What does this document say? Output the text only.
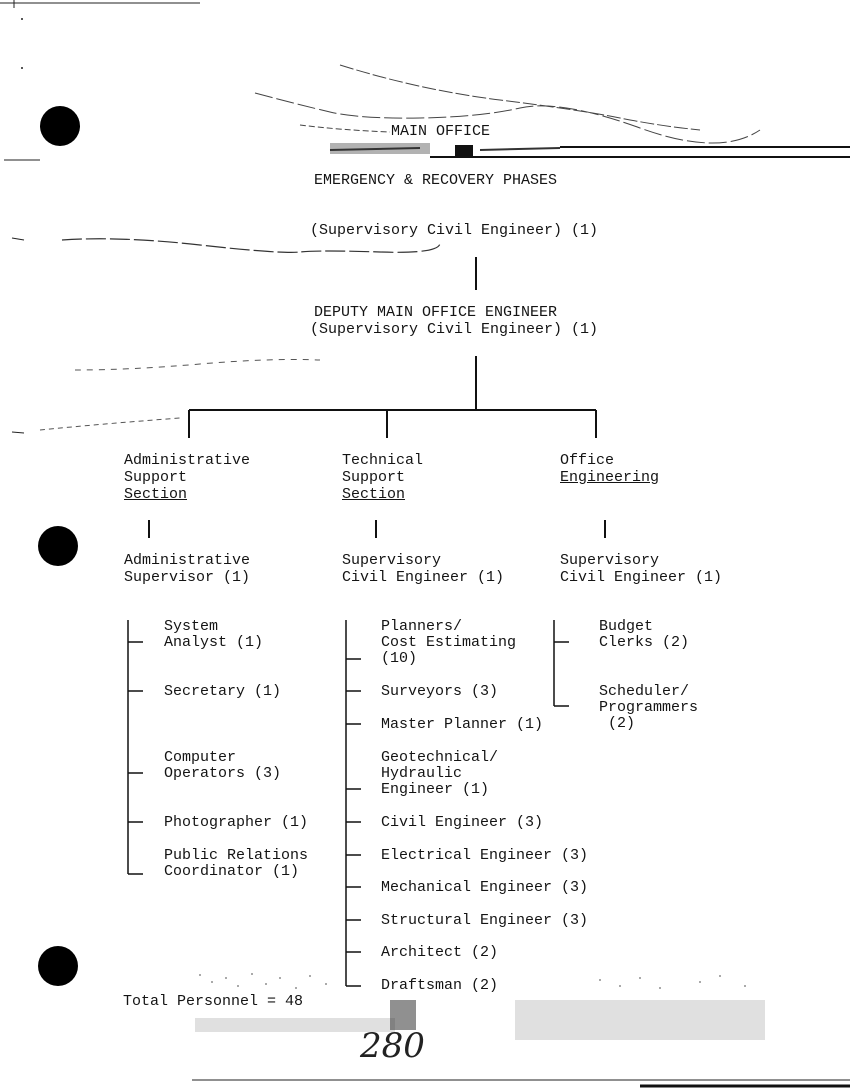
MAIN OFFICE
EMERGENCY & RECOVERY PHASES
(Supervisory Civil Engineer) (1)
DEPUTY MAIN OFFICE ENGINEER
(Supervisory Civil Engineer) (1)
Administrative
Support
Section
Administrative
Supervisor (1)
System
Analyst (1)
Secretary (1)
Computer
Operators (3)
Photographer (1)
Public Relations
Coordinator (1)
Technical
Support
Section
Supervisory
Civil Engineer (1)
Planners/
Cost Estimating
(10)
Surveyors (3)
Master Planner (1)
Geotechnical/
Hydraulic
Engineer (1)
Civil Engineer (3)
Electrical Engineer (3)
Mechanical Engineer (3)
Structural Engineer (3)
Architect (2)
Draftsman (2)
Office
Engineering
Supervisory
Civil Engineer (1)
Budget
Clerks (2)
Scheduler/
Programmers
(2)
Total Personnel = 48
280
